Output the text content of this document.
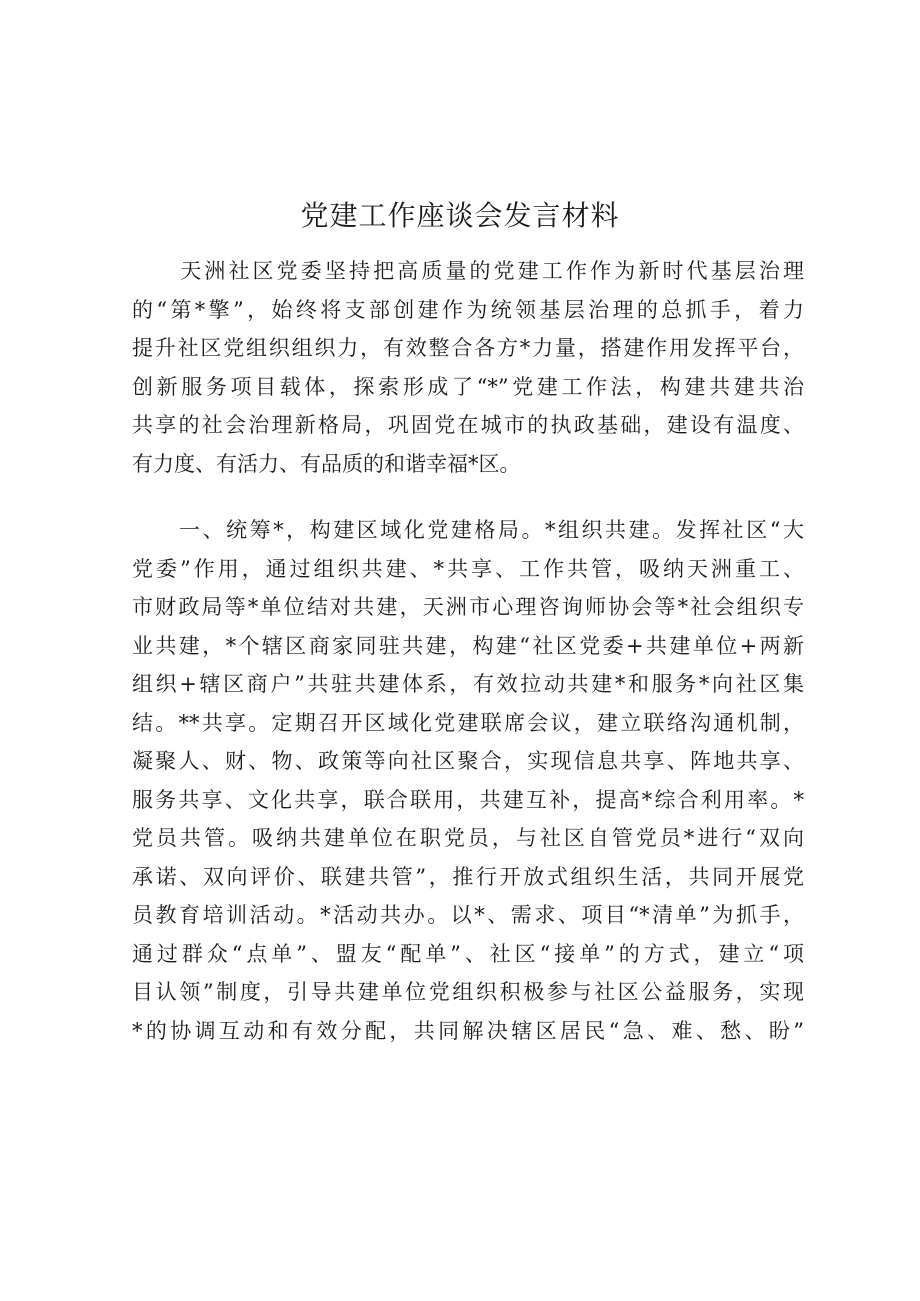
党建工作座谈会发言材料
　　天洲社区党委坚持把高质量的党建工作作为新时代基层治理
的“第*擎”，始终将支部创建作为统领基层治理的总抓手，着力
提升社区党组织组织力，有效整合各方*力量，搭建作用发挥平台，
创新服务项目载体，探索形成了“*”党建工作法，构建共建共治
共享的社会治理新格局，巩固党在城市的执政基础，建设有温度、
有力度、有活力、有品质的和谐幸福*区。
　　一、统筹*，构建区域化党建格局。*组织共建。发挥社区“大
党委”作用，通过组织共建、*共享、工作共管，吸纳天洲重工、
市财政局等*单位结对共建，天洲市心理咨询师协会等*社会组织专
业共建，*个辖区商家同驻共建，构建“社区党委+共建单位+两新
组织+辖区商户”共驻共建体系，有效拉动共建*和服务*向社区集
结。**共享。定期召开区域化党建联席会议，建立联络沟通机制，
凝聚人、财、物、政策等向社区聚合，实现信息共享、阵地共享、
服务共享、文化共享，联合联用，共建互补，提高*综合利用率。*
党员共管。吸纳共建单位在职党员，与社区自管党员*进行“双向
承诺、双向评价、联建共管”，推行开放式组织生活，共同开展党
员教育培训活动。*活动共办。以*、需求、项目“*清单”为抓手，
通过群众“点单”、盟友“配单”、社区“接单”的方式，建立“项
目认领”制度，引导共建单位党组织积极参与社区公益服务，实现
*的协调互动和有效分配，共同解决辖区居民“急、难、愁、盼”
